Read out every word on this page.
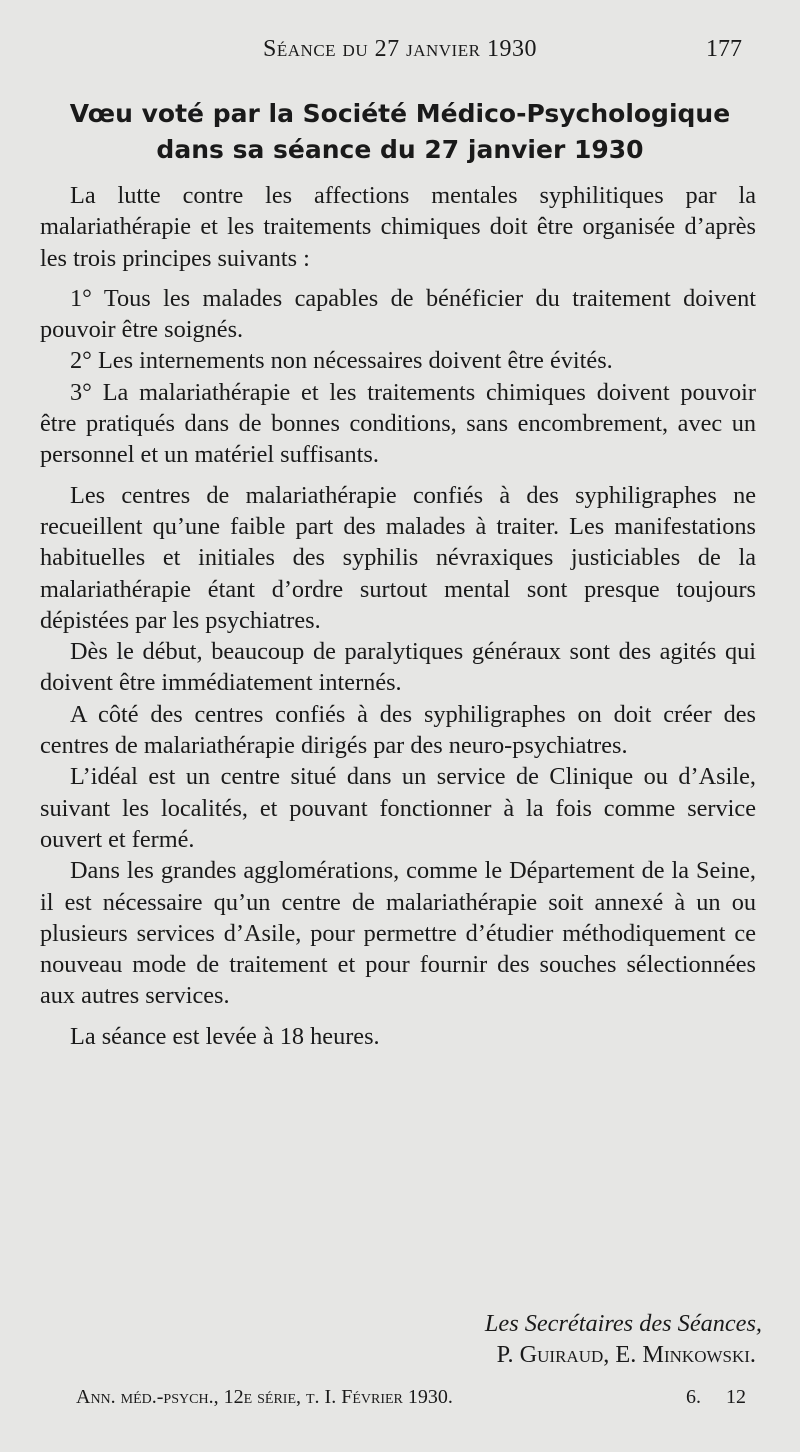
Séance du 27 janvier 1930	177
Vœu voté par la Société Médico-Psychologique
dans sa séance du 27 janvier 1930

La lutte contre les affections mentales syphilitiques par la malariathérapie et les traitements chimiques doit être organisée d’après les trois principes suivants :

1° Tous les malades capables de bénéficier du traitement doivent pouvoir être soignés.

2° Les internements non nécessaires doivent être évités.

3° La malariathérapie et les traitements chimiques doivent pouvoir être pratiqués dans de bonnes conditions, sans encombrement, avec un personnel et un matériel suffisants.

Les centres de malariathérapie confiés à des syphiligraphes ne recueillent qu’une faible part des malades à traiter. Les manifestations habituelles et initiales des syphilis névraxiques justiciables de la malariathérapie étant d’ordre surtout mental sont presque toujours dépistées par les psychiatres.

Dès le début, beaucoup de paralytiques généraux sont des agités qui doivent être immédiatement internés.

A côté des centres confiés à des syphiligraphes on doit créer des centres de malariathérapie dirigés par des neuro-psychiatres.

L’idéal est un centre situé dans un service de Clinique ou d’Asile, suivant les localités, et pouvant fonctionner à la fois comme service ouvert et fermé.

Dans les grandes agglomérations, comme le Département de la Seine, il est nécessaire qu’un centre de malariathérapie soit annexé à un ou plusieurs services d’Asile, pour permettre d’étudier méthodiquement ce nouveau mode de traitement et pour fournir des souches sélectionnées aux autres services.

La séance est levée à 18 heures.

Les Secrétaires des Séances,
P. Guiraud, E. Minkowski.
Ann. méd.-psych., 12e série, t. I. Février 1930.	6.     12
